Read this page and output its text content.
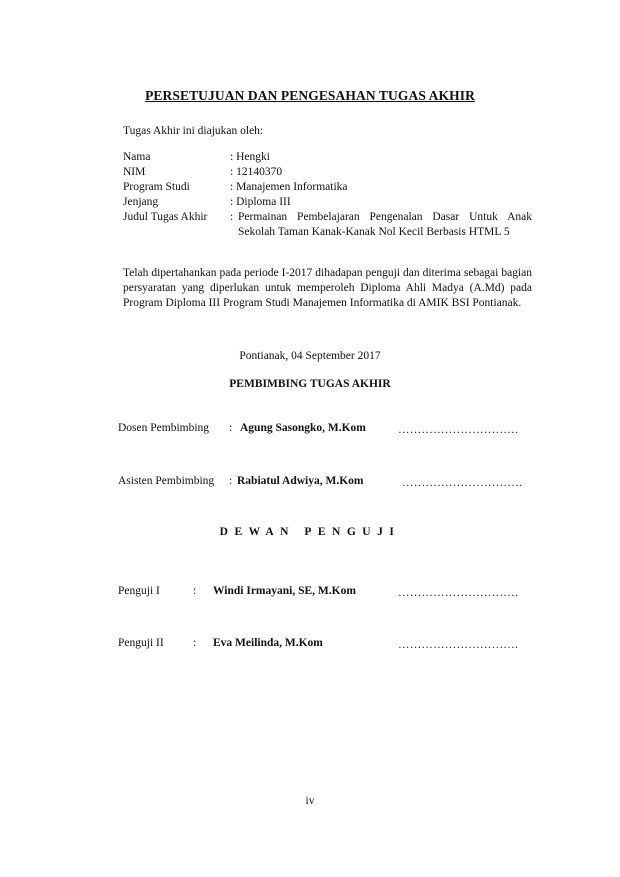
PERSETUJUAN DAN PENGESAHAN TUGAS AKHIR
Tugas Akhir ini diajukan oleh:
Nama	: Hengki
NIM	: 12140370
Program Studi	: Manajemen Informatika
Jenjang	: Diploma III
Judul Tugas Akhir : Permainan Pembelajaran Pengenalan Dasar Untuk Anak Sekolah Taman Kanak-Kanak Nol Kecil Berbasis HTML 5
Telah dipertahankan pada periode I-2017 dihadapan penguji dan diterima sebagai bagian persyaratan yang diperlukan untuk memperoleh Diploma Ahli Madya (A.Md) pada Program Diploma III Program Studi Manajemen Informatika di AMIK BSI Pontianak.
Pontianak, 04 September 2017
PEMBIMBING TUGAS AKHIR
Dosen Pembimbing : Agung Sasongko, M.Kom	………………………….
Asisten Pembimbing : Rabiatul Adwiya, M.Kom	………………………….
DEWAN PENGUJI
Penguji I	: Windi Irmayani, SE, M.Kom	………………………….
Penguji II	: Eva Meilinda, M.Kom	………………………….
iv
